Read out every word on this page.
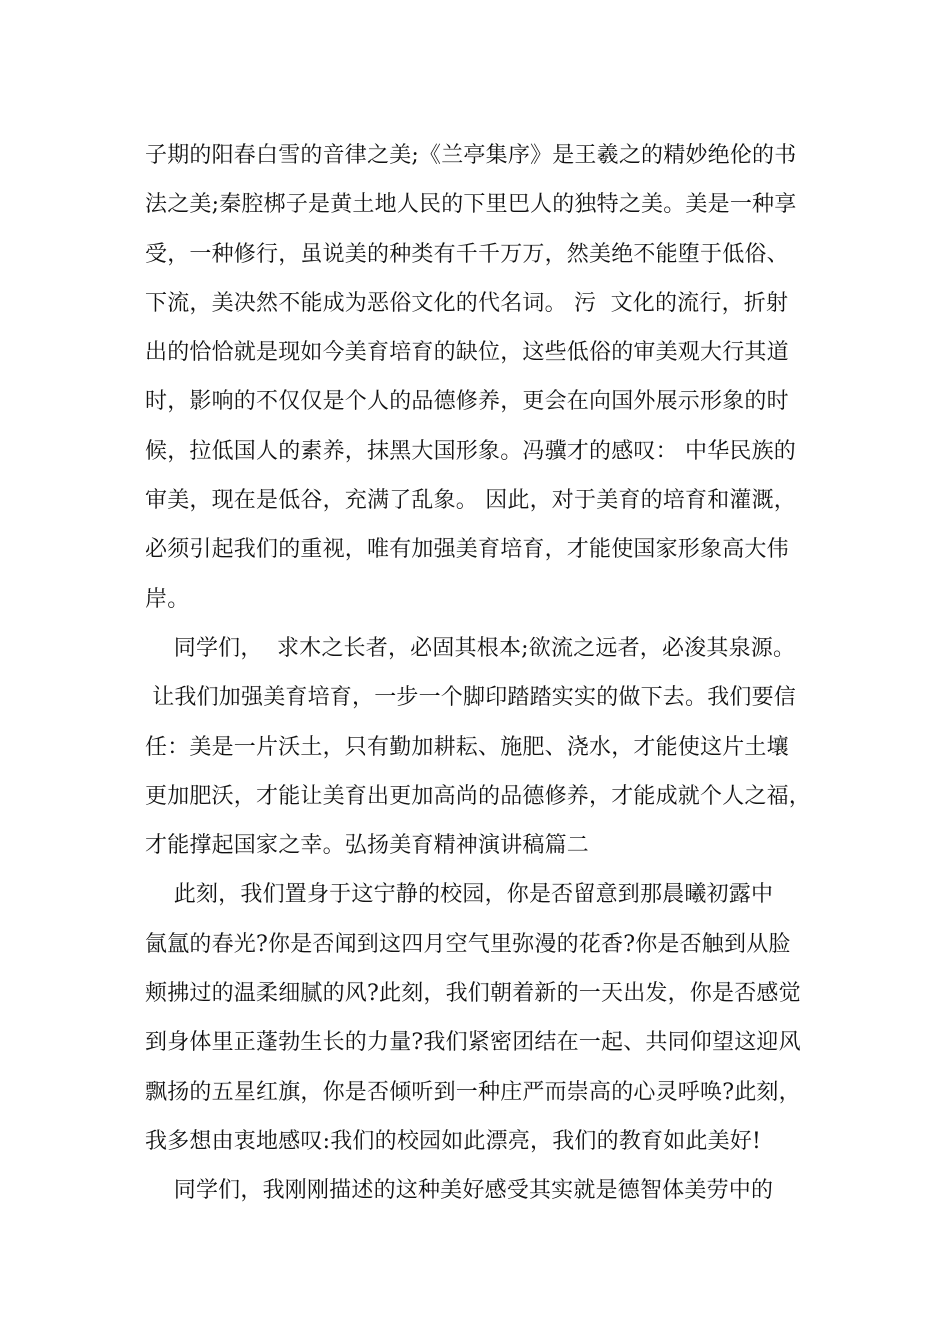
子期的阳春白雪的音律之美;《兰亭集序》是王羲之的精妙绝伦的书
法之美;秦腔梆子是黄土地人民的下里巴人的独特之美。美是一种享
受，一种修行，虽说美的种类有千千万万，然美绝不能堕于低俗、
下流，美决然不能成为恶俗文化的代名词。 污  文化的流行，折射
出的恰恰就是现如今美育培育的缺位，这些低俗的审美观大行其道
时，影响的不仅仅是个人的品德修养，更会在向国外展示形象的时
候，拉低国人的素养，抹黑大国形象。冯骥才的感叹： 中华民族的
审美，现在是低谷，充满了乱象。 因此，对于美育的培育和灌溉，
必须引起我们的重视，唯有加强美育培育，才能使国家形象高大伟
岸。
同学们，  求木之长者，必固其根本;欲流之远者，必浚其泉源。
让我们加强美育培育，一步一个脚印踏踏实实的做下去。我们要信
任：美是一片沃土，只有勤加耕耘、施肥、浇水，才能使这片土壤
更加肥沃，才能让美育出更加高尚的品德修养，才能成就个人之福，
才能撑起国家之幸。弘扬美育精神演讲稿篇二
此刻，我们置身于这宁静的校园，你是否留意到那晨曦初露中
氤氲的春光?你是否闻到这四月空气里弥漫的花香?你是否触到从脸
颊拂过的温柔细腻的风?此刻，我们朝着新的一天出发，你是否感觉
到身体里正蓬勃生长的力量?我们紧密团结在一起、共同仰望这迎风
飘扬的五星红旗，你是否倾听到一种庄严而崇高的心灵呼唤?此刻，
我多想由衷地感叹:我们的校园如此漂亮，我们的教育如此美好!
同学们，我刚刚描述的这种美好感受其实就是德智体美劳中的
